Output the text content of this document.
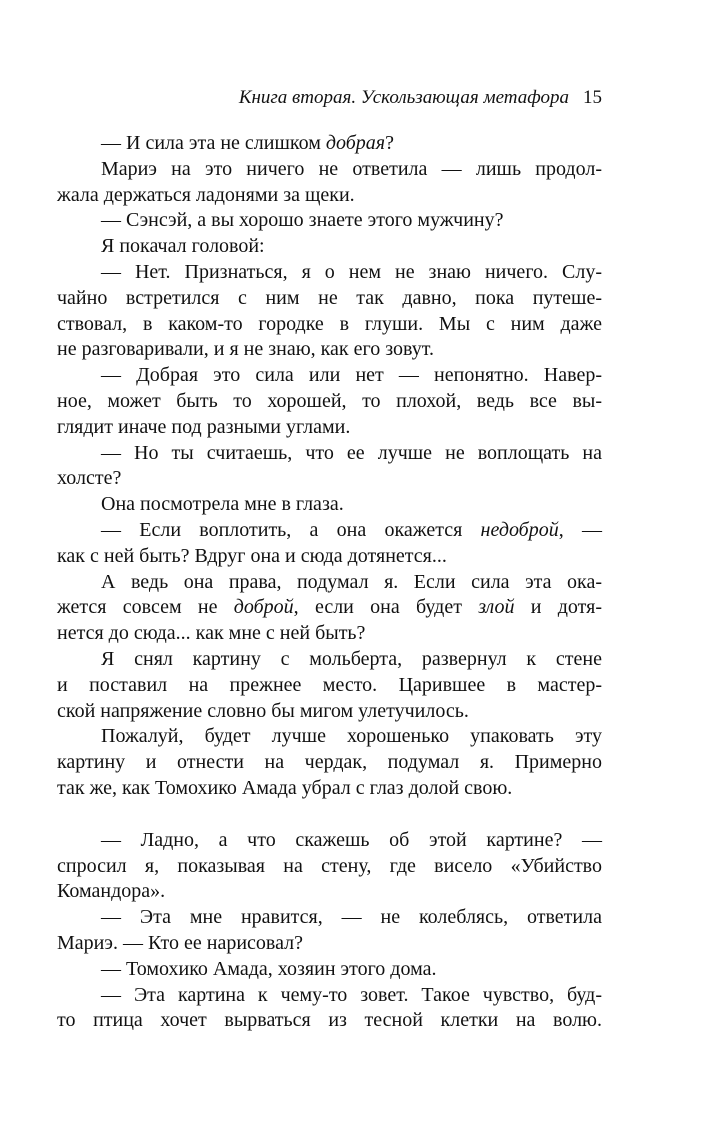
Книга вторая. Ускользающая метафора 15

— И сила эта не слишком добрая?

Мариэ на это ничего не ответила — лишь продол-
жала держаться ладонями за щеки.

— Сэнсэй, а вы хорошо знаете этого мужчину?

Я покачал головой:

— Нет. Признаться, я о нем не знаю ничего. Слу-
чайно встретился с ним не так давно, пока путеше-
ствовал, в каком-то городке в глуши. Мы с ним даже
не разговаривали, и я не знаю, как его зовут.

— Добрая это сила или нет — непонятно. Навер-
ное, может быть то хорошей, то плохой, ведь все вы-
глядит иначе под разными углами.

— Но ты считаешь, что ее лучше не воплощать на
холсте?

Она посмотрела мне в глаза.

— Если воплотить, а она окажется недоброй, —
как с ней быть? Вдруг она и сюда дотянется...

А ведь она права, подумал я. Если сила эта ока-
жется совсем не доброй, если она будет злой и дотя-
нется до сюда... как мне с ней быть?

Я снял картину с мольберта, развернул к стене
и поставил на прежнее место. Царившее в мастер-
ской напряжение словно бы мигом улетучилось.

Пожалуй, будет лучше хорошенько упаковать эту
картину и отнести на чердак, подумал я. Примерно
так же, как Томохико Амада убрал с глаз долой свою.

— Ладно, а что скажешь об этой картине? —
спросил я, показывая на стену, где висело «Убийство
Командора».

— Эта мне нравится, — не колеблясь, ответила
Мариэ. — Кто ее нарисовал?

— Томохико Амада, хозяин этого дома.

— Эта картина к чему-то зовет. Такое чувство, буд-
то птица хочет вырваться из тесной клетки на волю.
